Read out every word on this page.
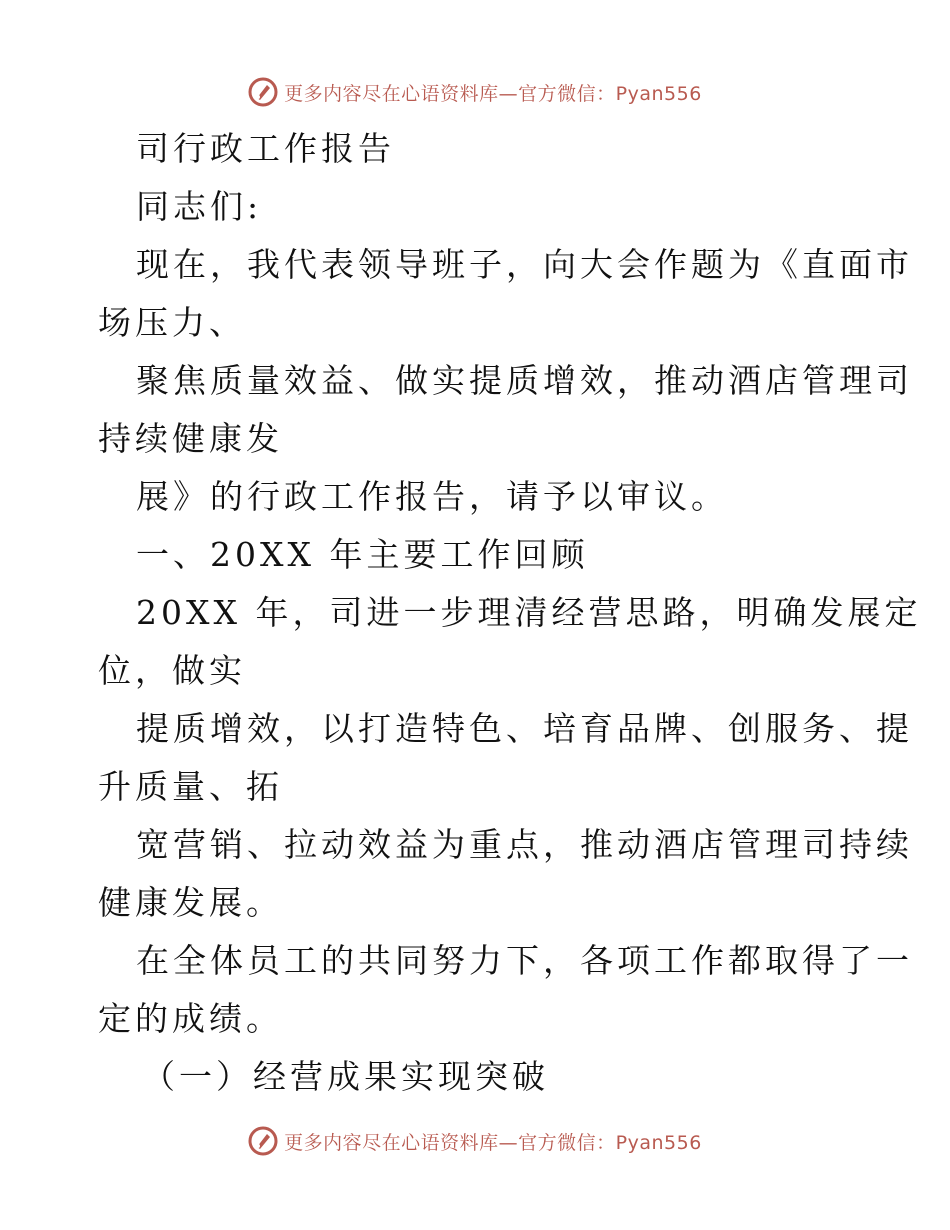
更多内容尽在心语资料库—官方微信：Pyan556
司行政工作报告
同志们:
现在，我代表领导班子，向大会作题为《直面市
场压力、
聚焦质量效益、做实提质增效，推动酒店管理司
持续健康发
展》的行政工作报告，请予以审议。
一、20XX 年主要工作回顾
20XX 年，司进一步理清经营思路，明确发展定
位，做实
提质增效，以打造特色、培育品牌、创服务、提
升质量、拓
宽营销、拉动效益为重点，推动酒店管理司持续
健康发展。
在全体员工的共同努力下，各项工作都取得了一
定的成绩。
（一）经营成果实现突破
更多内容尽在心语资料库—官方微信：Pyan556
